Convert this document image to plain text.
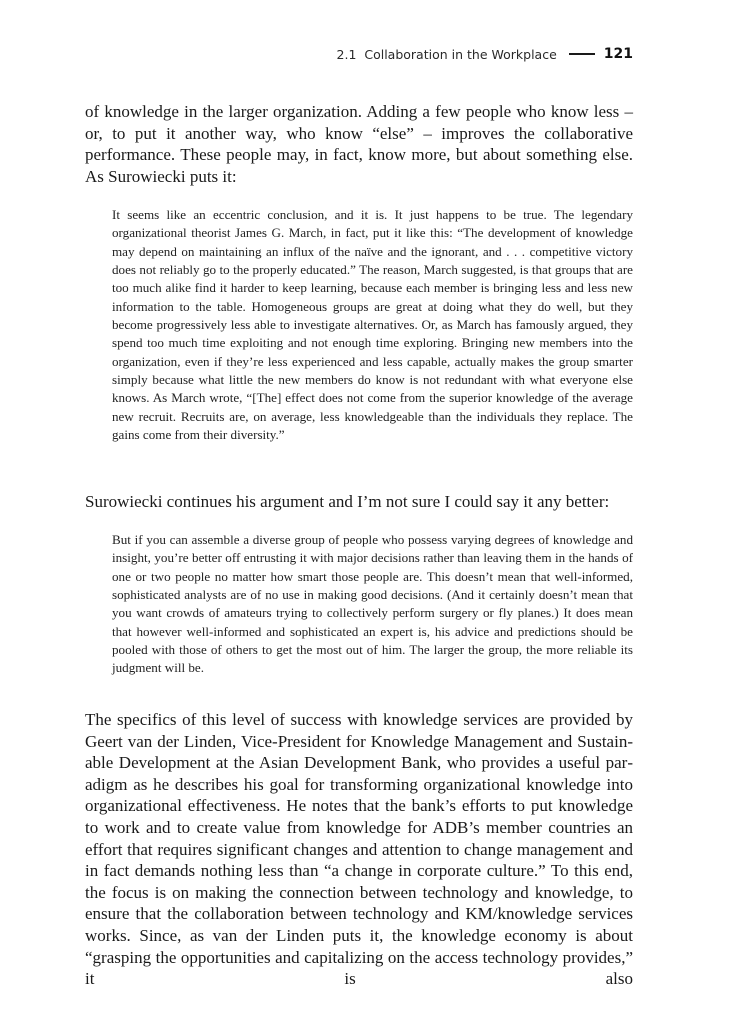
2.1  Collaboration in the Workplace	121

of knowledge in the larger organization. Adding a few people who know less – or, to put it another way, who know “else” – improves the collaborative performance. These people may, in fact, know more, but about something else. As Surowiecki puts it:

It seems like an eccentric conclusion, and it is. It just happens to be true. The legendary organizational theorist James G. March, in fact, put it like this: “The development of knowledge may depend on maintaining an influx of the naïve and the ignorant, and . . . competitive victory does not reliably go to the properly educated.” The reason, March suggested, is that groups that are too much alike find it harder to keep learning, because each member is bringing less and less new information to the table. Homogeneous groups are great at doing what they do well, but they become progressively less able to investigate alternatives. Or, as March has famously argued, they spend too much time exploiting and not enough time exploring. Bringing new members into the organization, even if they’re less experienced and less capable, actually makes the group smarter simply because what little the new members do know is not redundant with what everyone else knows. As March wrote, “[The] effect does not come from the superior knowledge of the average new recruit. Recruits are, on average, less knowledgeable than the individuals they replace. The gains come from their diversity.”

Surowiecki continues his argument and I’m not sure I could say it any better:

But if you can assemble a diverse group of people who possess varying degrees of knowledge and insight, you’re better off entrusting it with major decisions rather than leaving them in the hands of one or two people no matter how smart those people are. This doesn’t mean that well-informed, sophisticated analysts are of no use in making good decisions. (And it certainly doesn’t mean that you want crowds of amateurs trying to collectively perform surgery or fly planes.) It does mean that however well-informed and sophisticated an expert is, his advice and predictions should be pooled with those of others to get the most out of him. The larger the group, the more reliable its judgment will be.

The specifics of this level of success with knowledge services are provided by Geert van der Linden, Vice-President for Knowledge Management and Sustainable Development at the Asian Development Bank, who provides a useful paradigm as he describes his goal for transforming organizational knowledge into organizational effectiveness. He notes that the bank’s efforts to put knowledge to work and to create value from knowledge for ADB’s member countries an effort that requires significant changes and attention to change management and in fact demands nothing less than “a change in corporate culture.” To this end, the focus is on making the connection between technology and knowledge, to ensure that the collaboration between technology and KM/knowledge services works. Since, as van der Linden puts it, the knowledge economy is about “grasping the opportunities and capitalizing on the access technology provides,” it is also
